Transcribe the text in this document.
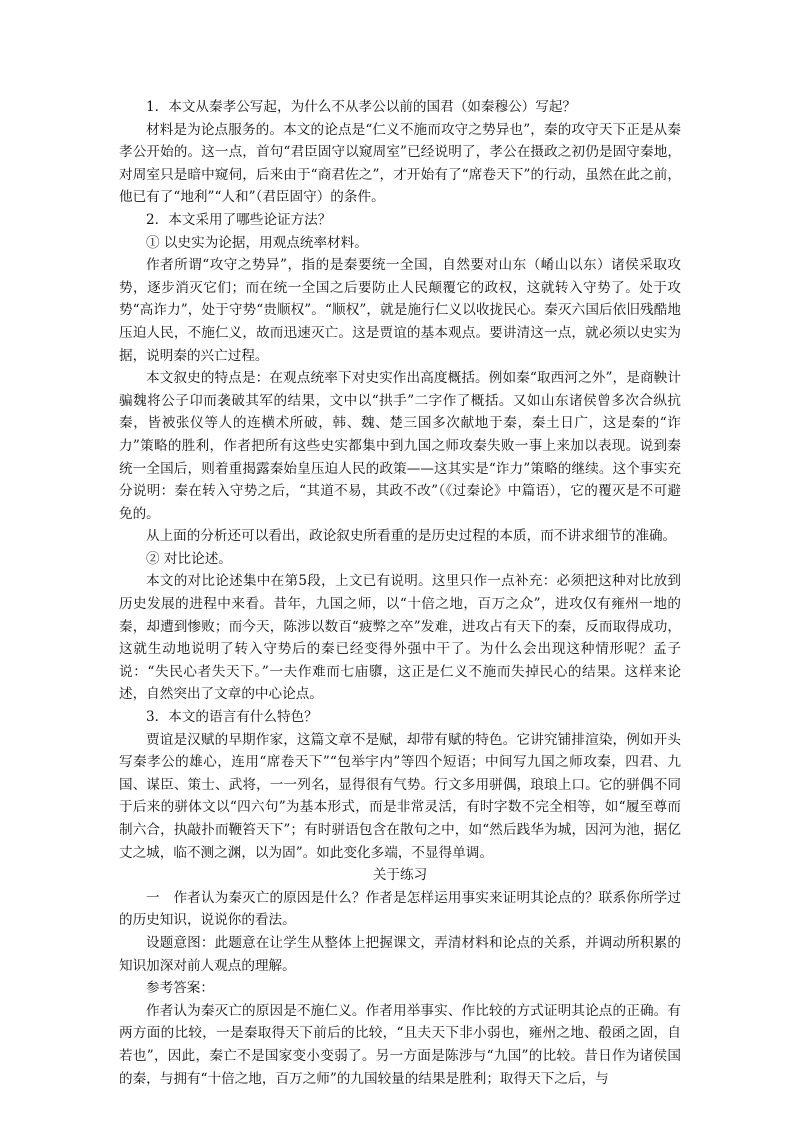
1．本文从秦孝公写起，为什么不从孝公以前的国君（如秦穆公）写起？

材料是为论点服务的。本文的论点是“仁义不施而攻守之势异也”，秦的攻守天下正是从秦孝公开始的。这一点，首句“君臣固守以窥周室”已经说明了，孝公在摄政之初仍是固守秦地，对周室只是暗中窥伺，后来由于“商君佐之”，才开始有了“席卷天下”的行动，虽然在此之前，他已有了“地利”“人和”（君臣固守）的条件。

2．本文采用了哪些论证方法？

① 以史实为论据，用观点统率材料。

作者所谓“攻守之势异”，指的是秦要统一全国，自然要对山东（崤山以东）诸侯采取攻势，逐步消灭它们；而在统一全国之后要防止人民颠覆它的政权，这就转入守势了。处于攻势“高诈力”，处于守势“贵顺权”。“顺权”，就是施行仁义以收拢民心。秦灭六国后依旧残酷地压迫人民，不施仁义，故而迅速灭亡。这是贾谊的基本观点。要讲清这一点，就必须以史实为据，说明秦的兴亡过程。

本文叙史的特点是：在观点统率下对史实作出高度概括。例如秦“取西河之外”，是商鞅计骗魏将公子卬而袭破其军的结果，文中以“拱手”二字作了概括。又如山东诸侯曾多次合纵抗秦，皆被张仪等人的连横术所破，韩、魏、楚三国多次献地于秦，秦土日广，这是秦的“诈力”策略的胜利，作者把所有这些史实都集中到九国之师攻秦失败一事上来加以表现。说到秦统一全国后，则着重揭露秦始皇压迫人民的政策——这其实是“诈力”策略的继续。这个事实充分说明：秦在转入守势之后，“其道不易，其政不改”（《过秦论》中篇语），它的覆灭是不可避免的。

从上面的分析还可以看出，政论叙史所看重的是历史过程的本质，而不讲求细节的准确。

② 对比论述。

本文的对比论述集中在第5段，上文已有说明。这里只作一点补充：必须把这种对比放到历史发展的进程中来看。昔年，九国之师，以“十倍之地，百万之众”，进攻仅有雍州一地的秦，却遭到惨败；而今天，陈涉以数百“疲弊之卒”发难，进攻占有天下的秦，反而取得成功，这就生动地说明了转入守势后的秦已经变得外强中干了。为什么会出现这种情形呢？孟子说：“失民心者失天下。”一夫作难而七庙隳，这正是仁义不施而失掉民心的结果。这样来论述，自然突出了文章的中心论点。

3．本文的语言有什么特色？

贾谊是汉赋的早期作家，这篇文章不是赋，却带有赋的特色。它讲究铺排渲染，例如开头写秦孝公的雄心，连用“席卷天下”“包举宇内”等四个短语；中间写九国之师攻秦，四君、九国、谋臣、策士、武将，一一列名，显得很有气势。行文多用骈偶，琅琅上口。它的骈偶不同于后来的骈体文以“四六句”为基本形式，而是非常灵活，有时字数不完全相等，如“履至尊而制六合，执敲扑而鞭笞天下”；有时骈语包含在散句之中，如“然后践华为城，因河为池，据亿丈之城，临不测之渊，以为固”。如此变化多端，不显得单调。

关于练习

一　作者认为秦灭亡的原因是什么？作者是怎样运用事实来证明其论点的？联系你所学过的历史知识，说说你的看法。

设题意图：此题意在让学生从整体上把握课文，弄清材料和论点的关系，并调动所积累的知识加深对前人观点的理解。

参考答案：

作者认为秦灭亡的原因是不施仁义。作者用举事实、作比较的方式证明其论点的正确。有两方面的比较，一是秦取得天下前后的比较，“且夫天下非小弱也，雍州之地、殽函之固，自若也”，因此，秦亡不是国家变小变弱了。另一方面是陈涉与“九国”的比较。昔日作为诸侯国的秦，与拥有“十倍之地，百万之师”的九国较量的结果是胜利；取得天下之后，与
